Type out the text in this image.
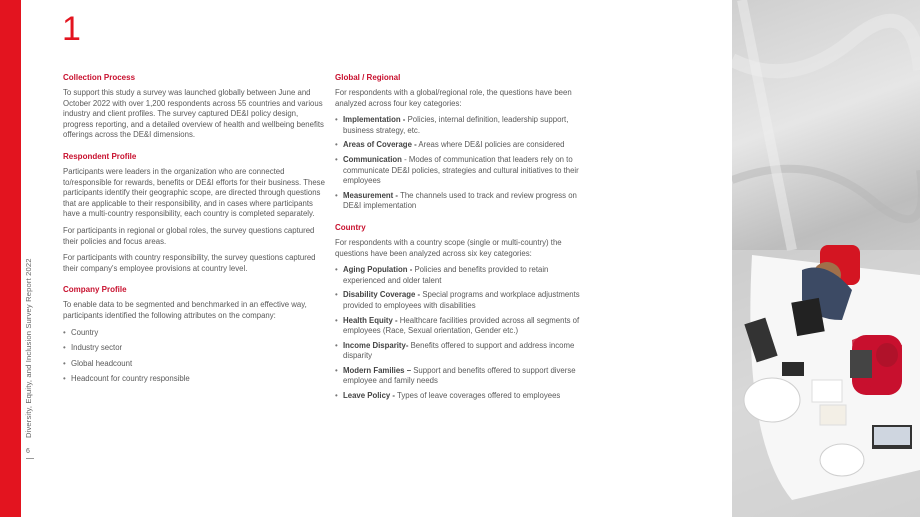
Diversity, Equity, and Inclusion Survey Report 2022
6
1
Collection Process

To support this study a survey was launched globally between June and October 2022 with over 1,200 respondents across 55 countries and various industry and client profiles. The survey captured DE&I policy design, progress reporting, and a detailed overview of health and wellbeing benefits offerings across the DE&I dimensions.

Respondent Profile

Participants were leaders in the organization who are connected to/responsible for rewards, benefits or DE&I efforts for their business. These participants identify their geographic scope, are directed through questions that are applicable to their responsibility, and in cases where participants have a multi-country responsibility, each country is completed separately.

For participants in regional or global roles, the survey questions captured their policies and focus areas.

For participants with country responsibility, the survey questions captured their company's employee provisions at country level.

Company Profile

To enable data to be segmented and benchmarked in an effective way, participants identified the following attributes on the company:

• Country
• Industry sector
• Global headcount
• Headcount for country responsible
Global / Regional

For respondents with a global/regional role, the questions have been analyzed across four key categories:

• Implementation - Policies, internal definition, leadership support, business strategy, etc.
• Areas of Coverage - Areas where DE&I policies are considered
• Communication - Modes of communication that leaders rely on to communicate DE&I policies, strategies and cultural initiatives to their employees
• Measurement - The channels used to track and review progress on DE&I implementation
Country

For respondents with a country scope (single or multi-country) the questions have been analyzed across six key categories:

• Aging Population - Policies and benefits provided to retain experienced and older talent
• Disability Coverage - Special programs and workplace adjustments provided to employees with disabilities
• Health Equity - Healthcare facilities provided across all segments of employees (Race, Sexual orientation, Gender etc.)
• Income Disparity- Benefits offered to support and address income disparity
• Modern Families – Support and benefits offered to support diverse employee and family needs
• Leave Policy - Types of leave coverages offered to employees
